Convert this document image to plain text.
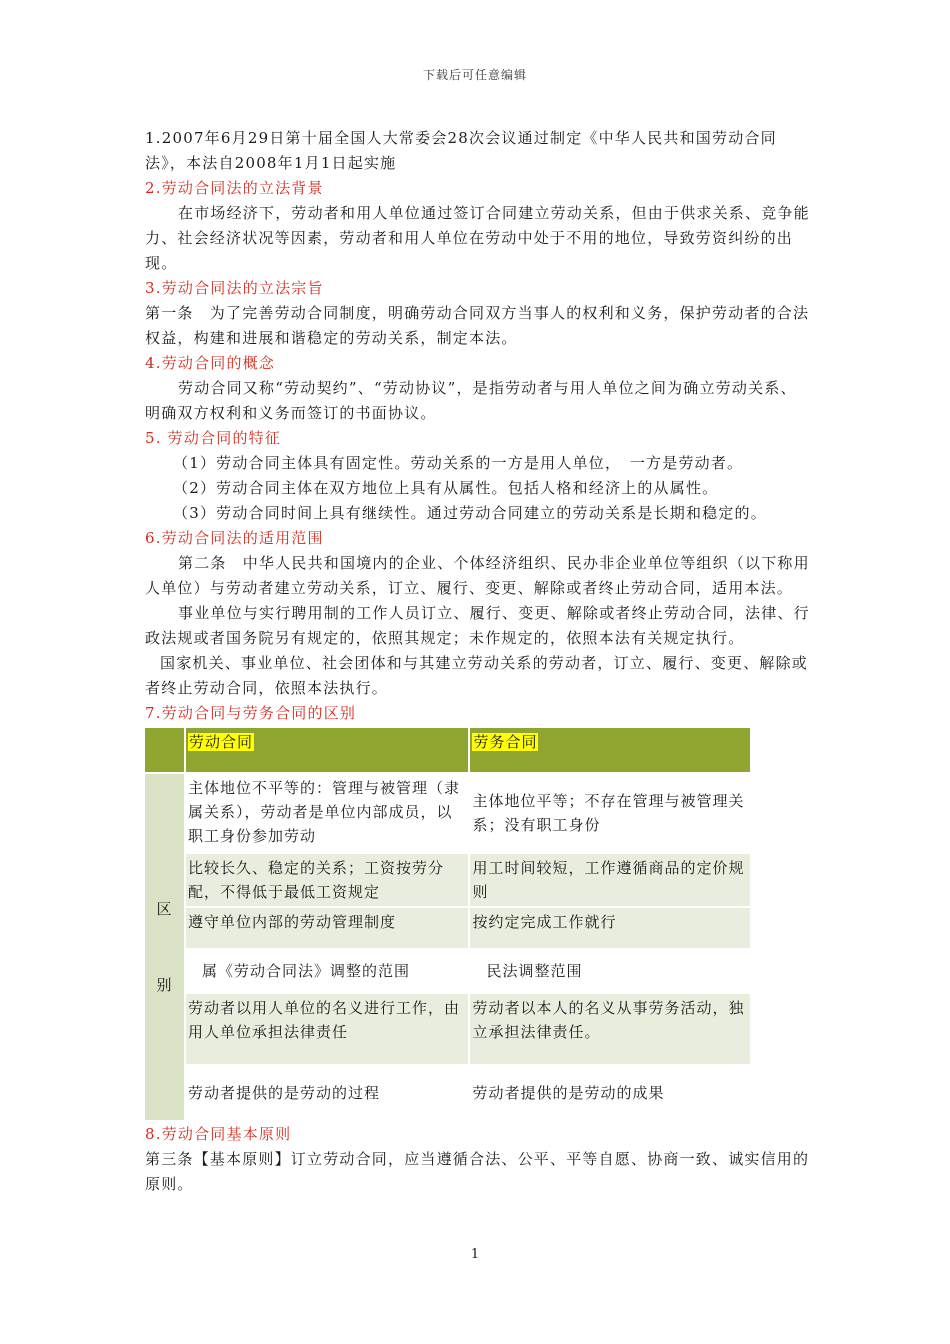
下载后可任意编辑

1.2007年6月29日第十届全国人大常委会28次会议通过制定《中华人民共和国劳动合同法》，本法自2008年1月1日起实施

2.劳动合同法的立法背景

在市场经济下，劳动者和用人单位通过签订合同建立劳动关系，但由于供求关系、竞争能力、社会经济状况等因素，劳动者和用人单位在劳动中处于不用的地位，导致劳资纠纷的出现。

3.劳动合同法的立法宗旨

第一条　为了完善劳动合同制度，明确劳动合同双方当事人的权利和义务，保护劳动者的合法权益，构建和进展和谐稳定的劳动关系，制定本法。

4.劳动合同的概念

劳动合同又称“劳动契约”、“劳动协议”，是指劳动者与用人单位之间为确立劳动关系、明确双方权利和义务而签订的书面协议。

5. 劳动合同的特征

（1）劳动合同主体具有固定性。劳动关系的一方是用人单位，　一方是劳动者。

（2）劳动合同主体在双方地位上具有从属性。包括人格和经济上的从属性。

（3）劳动合同时间上具有继续性。通过劳动合同建立的劳动关系是长期和稳定的。

6.劳动合同法的适用范围

第二条　中华人民共和国境内的企业、个体经济组织、民办非企业单位等组织（以下称用人单位）与劳动者建立劳动关系，订立、履行、变更、解除或者终止劳动合同，适用本法。

事业单位与实行聘用制的工作人员订立、履行、变更、解除或者终止劳动合同，法律、行政法规或者国务院另有规定的，依照其规定；未作规定的，依照本法有关规定执行。

国家机关、事业单位、社会团体和与其建立劳动关系的劳动者，订立、履行、变更、解除或者终止劳动合同，依照本法执行。

7.劳动合同与劳务合同的区别

	劳动合同	劳务合同

区
别	主体地位不平等的：管理与被管理（隶属关系），劳动者是单位内部成员，以职工身份参加劳动	主体地位平等；不存在管理与被管理关系；没有职工身份
	比较长久、稳定的关系；工资按劳分配，不得低于最低工资规定	用工时间较短，工作遵循商品的定价规则
	遵守单位内部的劳动管理制度	按约定完成工作就行
	属《劳动合同法》调整的范围	民法调整范围
	劳动者以用人单位的名义进行工作，由用人单位承担法律责任	劳动者以本人的名义从事劳务活动，独立承担法律责任。
	劳动者提供的是劳动的过程	劳动者提供的是劳动的成果

8.劳动合同基本原则

第三条【基本原则】订立劳动合同，应当遵循合法、公平、平等自愿、协商一致、诚实信用的原则。

1
